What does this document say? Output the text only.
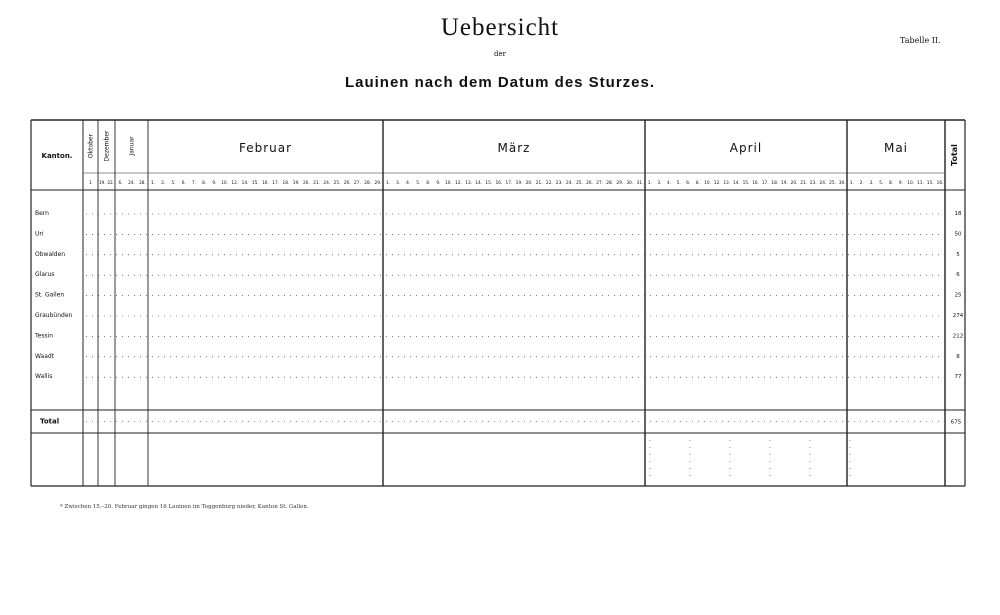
Uebersicht
der
Tabelle II.
Lauinen nach dem Datum des Sturzes.
Kanton.	Total
Oktober
1
Dezember
19. 22.
Januar
6. 24. 28.
Februar
1. 2. 5. 6. 7. 8. 9. 10. 12. 14. 15. 16. 17. 18. 19. 20. 21. 24. 25. 26. 27. 28. 29.
März
1. 3. 4. 5. 8. 9. 10. 12. 13. 14. 15. 16. 17. 19. 20. 21. 22. 23. 24. 25. 26. 27. 28. 29. 30. 31.
April
1. 3. 4. 5. 6. 8. 10. 12. 13. 14. 15. 16. 17. 18. 19. 20. 21. 23. 24. 25. 30.
Mai
1. 2. 3. 5. 8. 9. 10. 11. 15. 16.
Bern	18
Uri	50
Obwalden	5
Glarus	6
St. Gallen	25
Graubünden	274
Tessin	212
Waadt	8
Wallis	77
Total	675
* Zwischen 15.–20. Februar gingen 16 Lauinen im Toggenburg nieder, Kanton St. Gallen.
